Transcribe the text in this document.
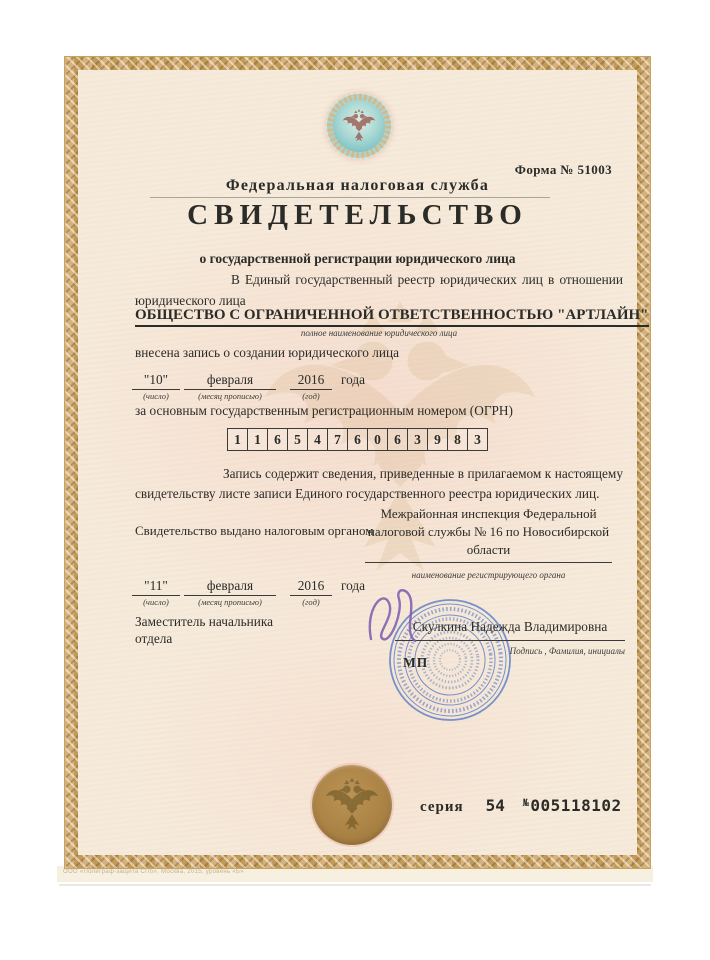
Форма № 51003
Федеральная налоговая служба
СВИДЕТЕЛЬСТВО
о государственной регистрации юридического лица

В Единый государственный реестр юридических лиц в отношении юридического лица

ОБЩЕСТВО С ОГРАНИЧЕННОЙ ОТВЕТСТВЕННОСТЬЮ "АРТЛАЙН"
полное наименование юридического лица
внесена запись о создании юридического лица
"10"
(число)
февраля
(месяц прописью)
2016
(год)
года
за основным государственным регистрационным номером (ОГРН)
1 1 6 5 4 7 6 0 6 3 9 8 3

Запись содержит сведения, приведенные в прилагаемом к настоящему свидетельству листе записи Единого государственного реестра юридических лиц.

Свидетельство выдано налоговым органом
Межрайонная инспекция Федеральной
налоговой службы № 16 по Новосибирской
области
наименование регистрирующего органа
"11"
(число)
февраля
(месяц прописью)
2016
(год)
года
Заместитель начальника
отдела
Скулкина Надежда Владимировна
Подпись , Фамилия, инициалы
МП
серия 54 №005118102
ООО «Полиграф-защита СПб», Москва, 2015, уровень «Б»
